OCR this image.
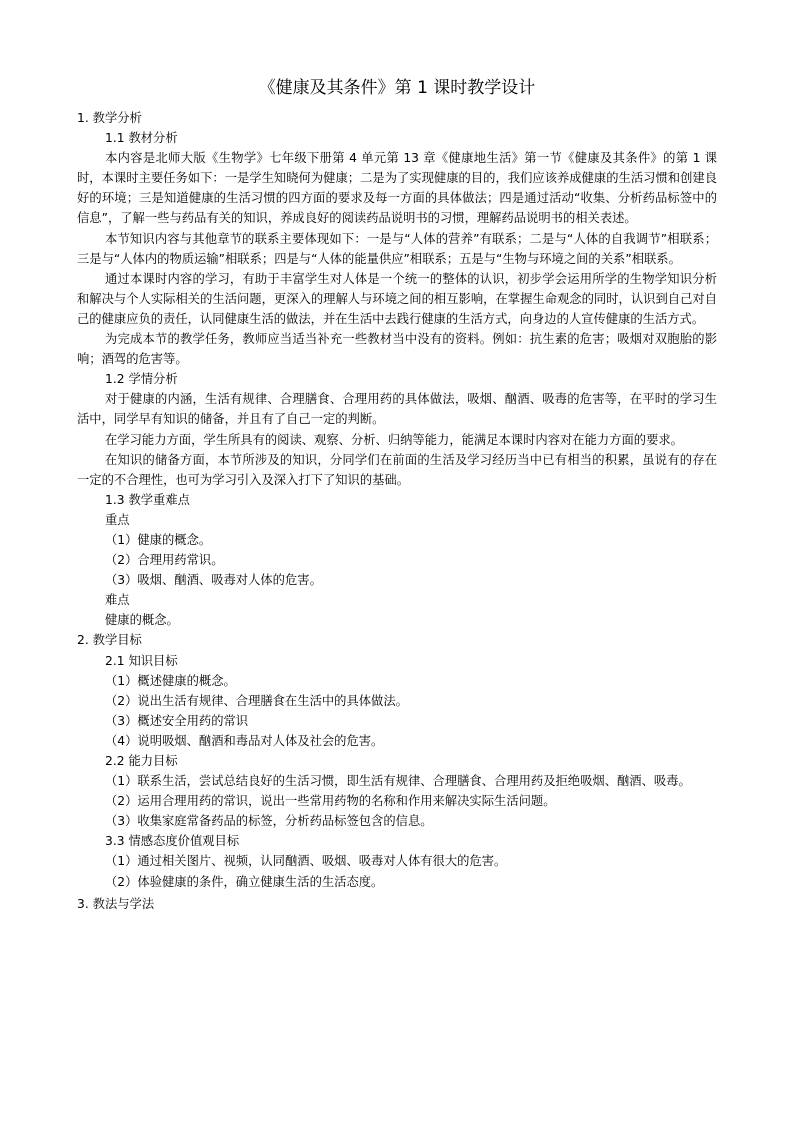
《健康及其条件》第 1 课时教学设计
1. 教学分析
1.1 教材分析

本内容是北师大版《生物学》七年级下册第 4 单元第 13 章《健康地生活》第一节《健康及其条件》的第 1 课时，本课时主要任务如下：一是学生知晓何为健康；二是为了实现健康的目的，我们应该养成健康的生活习惯和创建良好的环境；三是知道健康的生活习惯的四方面的要求及每一方面的具体做法；四是通过活动“收集、分析药品标签中的信息”，了解一些与药品有关的知识，养成良好的阅读药品说明书的习惯，理解药品说明书的相关表述。

本节知识内容与其他章节的联系主要体现如下：一是与“人体的营养”有联系；二是与“人体的自我调节”相联系；三是与“人体内的物质运输”相联系；四是与“人体的能量供应”相联系；五是与“生物与环境之间的关系”相联系。

通过本课时内容的学习，有助于丰富学生对人体是一个统一的整体的认识，初步学会运用所学的生物学知识分析和解决与个人实际相关的生活问题，更深入的理解人与环境之间的相互影响，在掌握生命观念的同时，认识到自己对自己的健康应负的责任，认同健康生活的做法，并在生活中去践行健康的生活方式，向身边的人宣传健康的生活方式。

为完成本节的教学任务，教师应当适当补充一些教材当中没有的资料。例如：抗生素的危害；吸烟对双胞胎的影响；酒驾的危害等。

1.2 学情分析

对于健康的内涵，生活有规律、合理膳食、合理用药的具体做法，吸烟、酗酒、吸毒的危害等，在平时的学习生活中，同学早有知识的储备，并且有了自己一定的判断。

在学习能力方面，学生所具有的阅读、观察、分析、归纳等能力，能满足本课时内容对在能力方面的要求。

在知识的储备方面，本节所涉及的知识，分同学们在前面的生活及学习经历当中已有相当的积累，虽说有的存在一定的不合理性，也可为学习引入及深入打下了知识的基础。

1.3 教学重难点
重点
（1）健康的概念。
（2）合理用药常识。
（3）吸烟、酗酒、吸毒对人体的危害。
难点
健康的概念。
2. 教学目标
2.1 知识目标
（1）概述健康的概念。
（2）说出生活有规律、合理膳食在生活中的具体做法。
（3）概述安全用药的常识
（4）说明吸烟、酗酒和毒品对人体及社会的危害。
2.2 能力目标

（1）联系生活，尝试总结良好的生活习惯，即生活有规律、合理膳食、合理用药及拒绝吸烟、酗酒、吸毒。

（2）运用合理用药的常识，说出一些常用药物的名称和作用来解决实际生活问题。
（3）收集家庭常备药品的标签，分析药品标签包含的信息。
3.3 情感态度价值观目标
（1）通过相关图片、视频，认同酗酒、吸烟、吸毒对人体有很大的危害。
（2）体验健康的条件，确立健康生活的生活态度。
3. 教法与学法
